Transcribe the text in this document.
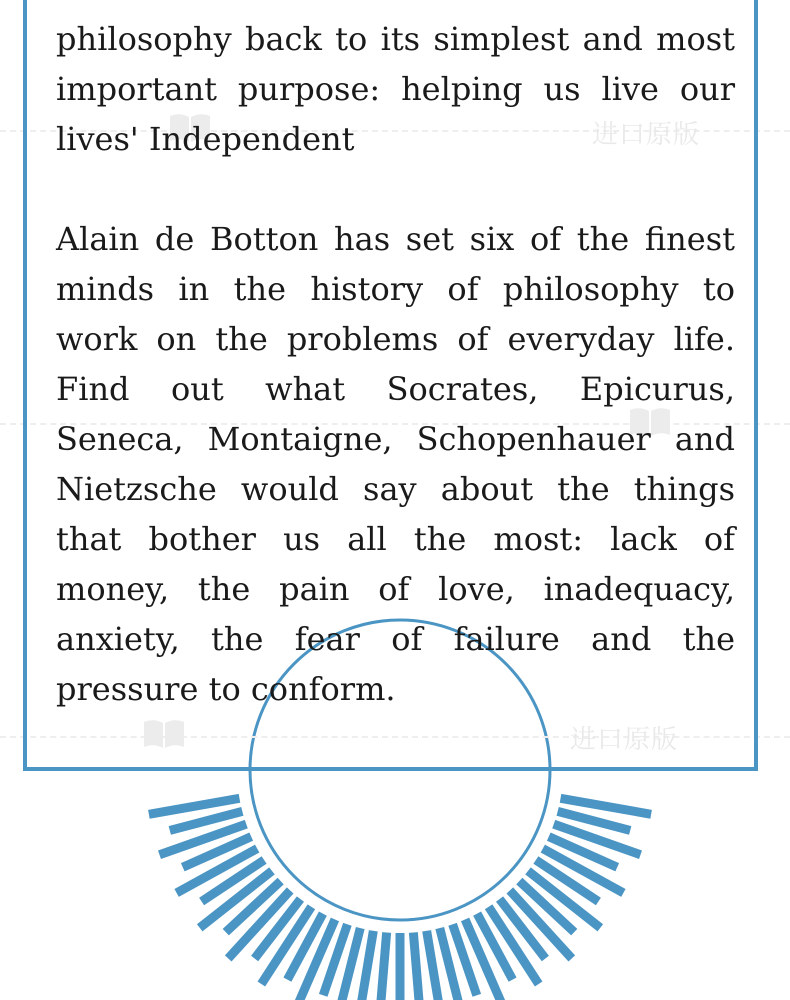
进口原版
进口原版

philosophy back to its simplest and most important purpose: helping us live our lives' Independent

Alain de Botton has set six of the finest minds in the history of philosophy to work on the problems of everyday life. Find out what Socrates, Epicurus, Seneca, Montaigne, Schopenhauer and Nietzsche would say about the things that bother us all the most: lack of money, the pain of love, inadequacy, anxiety, the fear of failure and the pressure to conform.
